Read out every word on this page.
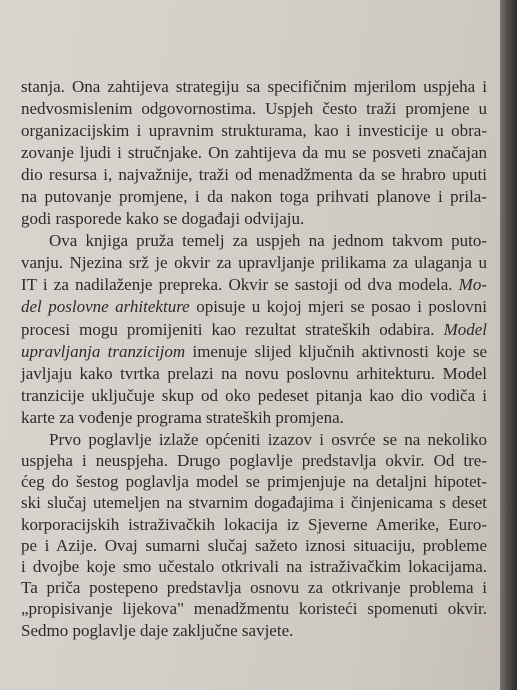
stanja. Ona zahtijeva strategiju sa specifičnim mjerilom uspjeha i
nedvosmislenim odgovornostima. Uspjeh često traži promjene u
organizacijskim i upravnim strukturama, kao i investicije u obra-
zovanje ljudi i stručnjake. On zahtijeva da mu se posveti značajan
dio resursa i, najvažnije, traži od menadžmenta da se hrabro uputi
na putovanje promjene, i da nakon toga prihvati planove i prila-
godi rasporede kako se događaji odvijaju.
Ova knjiga pruža temelj za uspjeh na jednom takvom puto-
vanju. Njezina srž je okvir za upravljanje prilikama za ulaganja u
IT i za nadilaženje prepreka. Okvir se sastoji od dva modela. Mo-
del poslovne arhitekture opisuje u kojoj mjeri se posao i poslovni
procesi mogu promijeniti kao rezultat strateških odabira. Model
upravljanja tranzicijom imenuje slijed ključnih aktivnosti koje se
javljaju kako tvrtka prelazi na novu poslovnu arhitekturu. Model
tranzicije uključuje skup od oko pedeset pitanja kao dio vodiča i
karte za vođenje programa strateških promjena.
Prvo poglavlje izlaže općeniti izazov i osvrće se na nekoliko
uspjeha i neuspjeha. Drugo poglavlje predstavlja okvir. Od tre-
ćeg do šestog poglavlja model se primjenjuje na detaljni hipotet-
ski slučaj utemeljen na stvarnim događajima i činjenicama s deset
korporacijskih istraživačkih lokacija iz Sjeverne Amerike, Euro-
pe i Azije. Ovaj sumarni slučaj sažeto iznosi situaciju, probleme
i dvojbe koje smo učestalo otkrivali na istraživačkim lokacijama.
Ta priča postepeno predstavlja osnovu za otkrivanje problema i
„propisivanje lijekova" menadžmentu koristeći spomenuti okvir.
Sedmo poglavlje daje zaključne savjete.
